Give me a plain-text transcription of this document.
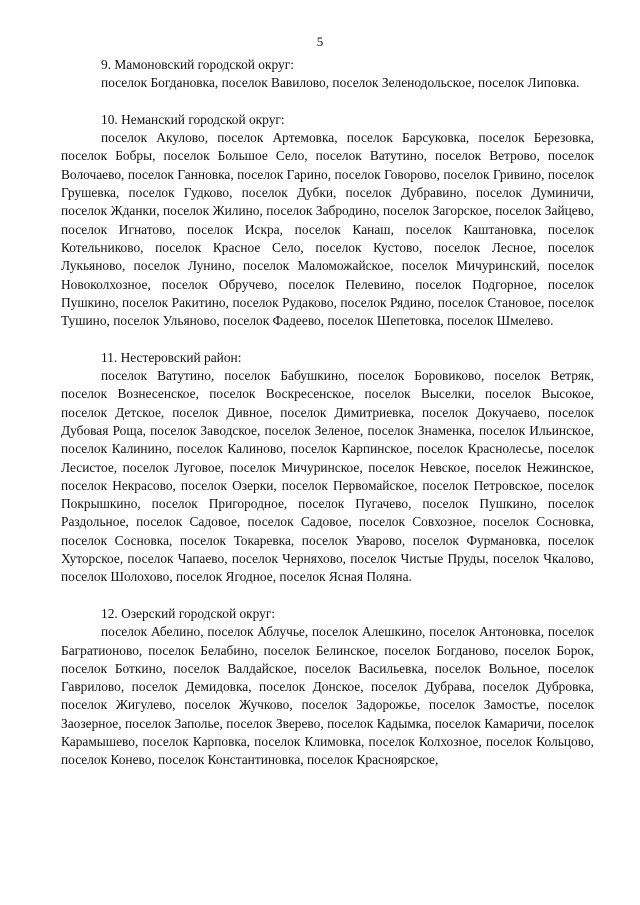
5

9. Мамоновский городской округ:

поселок Богдановка, поселок Вавилово, поселок Зеленодольское, поселок Липовка.

10. Неманский городской округ:

поселок Акулово, поселок Артемовка, поселок Барсуковка, поселок Березовка, поселок Бобры, поселок Большое Село, поселок Ватутино, поселок Ветрово, поселок Волочаево, поселок Ганновка, поселок Гарино, поселок Говорово, поселок Гривино, поселок Грушевка, поселок Гудково, поселок Дубки, поселок Дубравино, поселок Думиничи, поселок Жданки, поселок Жилино, поселок Забродино, поселок Загорское, поселок Зайцево, поселок Игнатово, поселок Искра, поселок Канаш, поселок Каштановка, поселок Котельниково, поселок Красное Село, поселок Кустово, поселок Лесное, поселок Лукьяново, поселок Лунино, поселок Маломожайское, поселок Мичуринский, поселок Новоколхозное, поселок Обручево, поселок Пелевино, поселок Подгорное, поселок Пушкино, поселок Ракитино, поселок Рудаково, поселок Рядино, поселок Становое, поселок Тушино, поселок Ульяново, поселок Фадеево, поселок Шепетовка, поселок Шмелево.

11. Нестеровский район:

поселок Ватутино, поселок Бабушкино, поселок Боровиково, поселок Ветряк, поселок Вознесенское, поселок Воскресенское, поселок Выселки, поселок Высокое, поселок Детское, поселок Дивное, поселок Димитриевка, поселок Докучаево, поселок Дубовая Роща, поселок Заводское, поселок Зеленое, поселок Знаменка, поселок Ильинское, поселок Калинино, поселок Калиново, поселок Карпинское, поселок Краснолесье, поселок Лесистое, поселок Луговое, поселок Мичуринское, поселок Невское, поселок Нежинское, поселок Некрасово, поселок Озерки, поселок Первомайское, поселок Петровское, поселок Покрышкино, поселок Пригородное, поселок Пугачево, поселок Пушкино, поселок Раздольное, поселок Садовое, поселок Садовое, поселок Совхозное, поселок Сосновка, поселок Сосновка, поселок Токаревка, поселок Уварово, поселок Фурмановка, поселок Хуторское, поселок Чапаево, поселок Черняхово, поселок Чистые Пруды, поселок Чкалово, поселок Шолохово, поселок Ягодное, поселок Ясная Поляна.

12. Озерский городской округ:

поселок Абелино, поселок Аблучье, поселок Алешкино, поселок Антоновка, поселок Багратионово, поселок Белабино, поселок Белинское, поселок Богданово, поселок Борок, поселок Боткино, поселок Валдайское, поселок Васильевка, поселок Вольное, поселок Гаврилово, поселок Демидовка, поселок Донское, поселок Дубрава, поселок Дубровка, поселок Жигулево, поселок Жучково, поселок Задорожье, поселок Замостье, поселок Заозерное, поселок Заполье, поселок Зверево, поселок Кадымка, поселок Камаричи, поселок Карамышево, поселок Карповка, поселок Климовка, поселок Колхозное, поселок Кольцово, поселок Конево, поселок Константиновка, поселок Красноярское,
